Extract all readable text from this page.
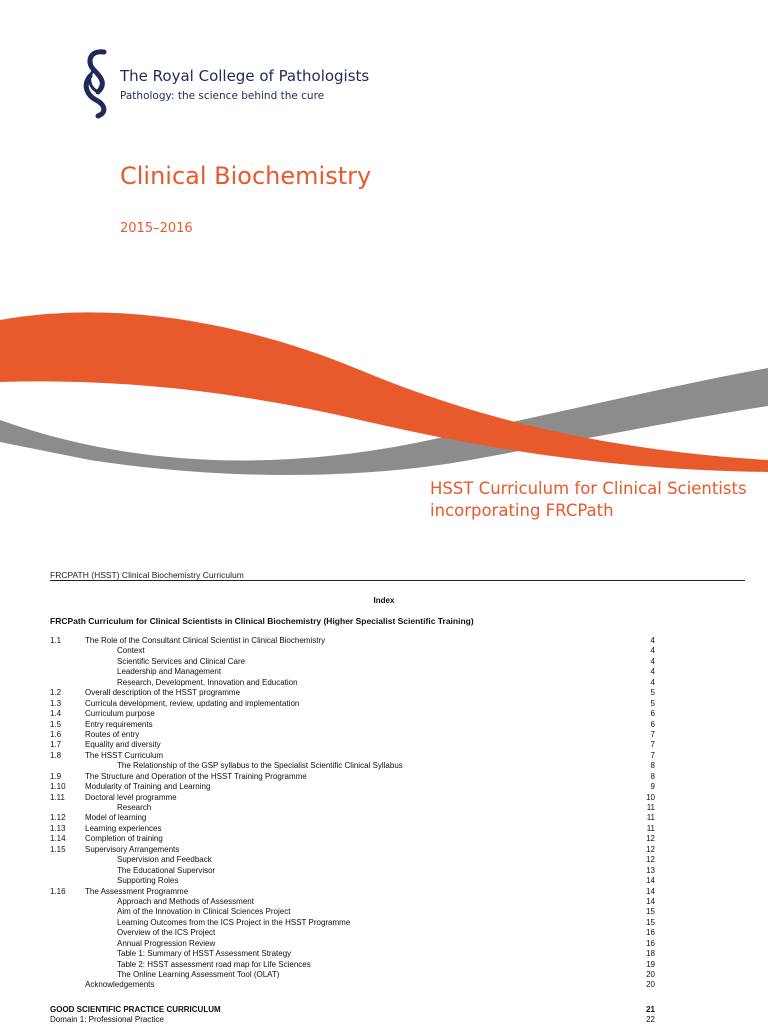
The Royal College of Pathologists
Pathology: the science behind the cure
Clinical Biochemistry
2015–2016
HSST Curriculum for Clinical Scientists
incorporating FRCPath
FRCPATH (HSST) Clinical Biochemistry Curriculum
Index
FRCPath Curriculum for Clinical Scientists in Clinical Biochemistry (Higher Specialist Scientific Training)
1.1	The Role of the Consultant Clinical Scientist in Clinical Biochemistry	4
Context	4
Scientific Services and Clinical Care	4
Leadership and Management	4
Research, Development, Innovation and Education	4
1.2	Overall description of the HSST programme	5
1.3	Curricula development, review, updating and implementation	5
1.4	Curriculum purpose	6
1.5	Entry requirements	6
1.6	Routes of entry	7
1.7	Equality and diversity	7
1.8	The HSST Curriculum	7
The Relationship of the GSP syllabus to the Specialist Scientific Clinical Syllabus	8
1.9	The Structure and Operation of the HSST Training Programme	8
1.10 Modularity of Training and Learning	9
1.11	Doctoral level programme	10
Research	11
1.12 Model of learning	11
1.13 Learning experiences	11
1.14 Completion of training	12
1.15 Supervisory Arrangements	12
Supervision and Feedback	12
The Educational Supervisor	13
Supporting Roles	14
1.16 The Assessment Programme	14
Approach and Methods of Assessment	14
Aim of the Innovation in Clinical Sciences Project	15
Learning Outcomes from the ICS Project in the HSST Programme	15
Overview of the ICS Project	16
Annual Progression Review	16
Table 1: Summary of HSST Assessment Strategy	18
Table 2: HSST assessment road map for Life Sciences	19
The Online Learning Assessment Tool (OLAT)	20
Acknowledgements	20
GOOD SCIENTIFIC PRACTICE CURRICULUM	21
Domain 1: Professional Practice	22
